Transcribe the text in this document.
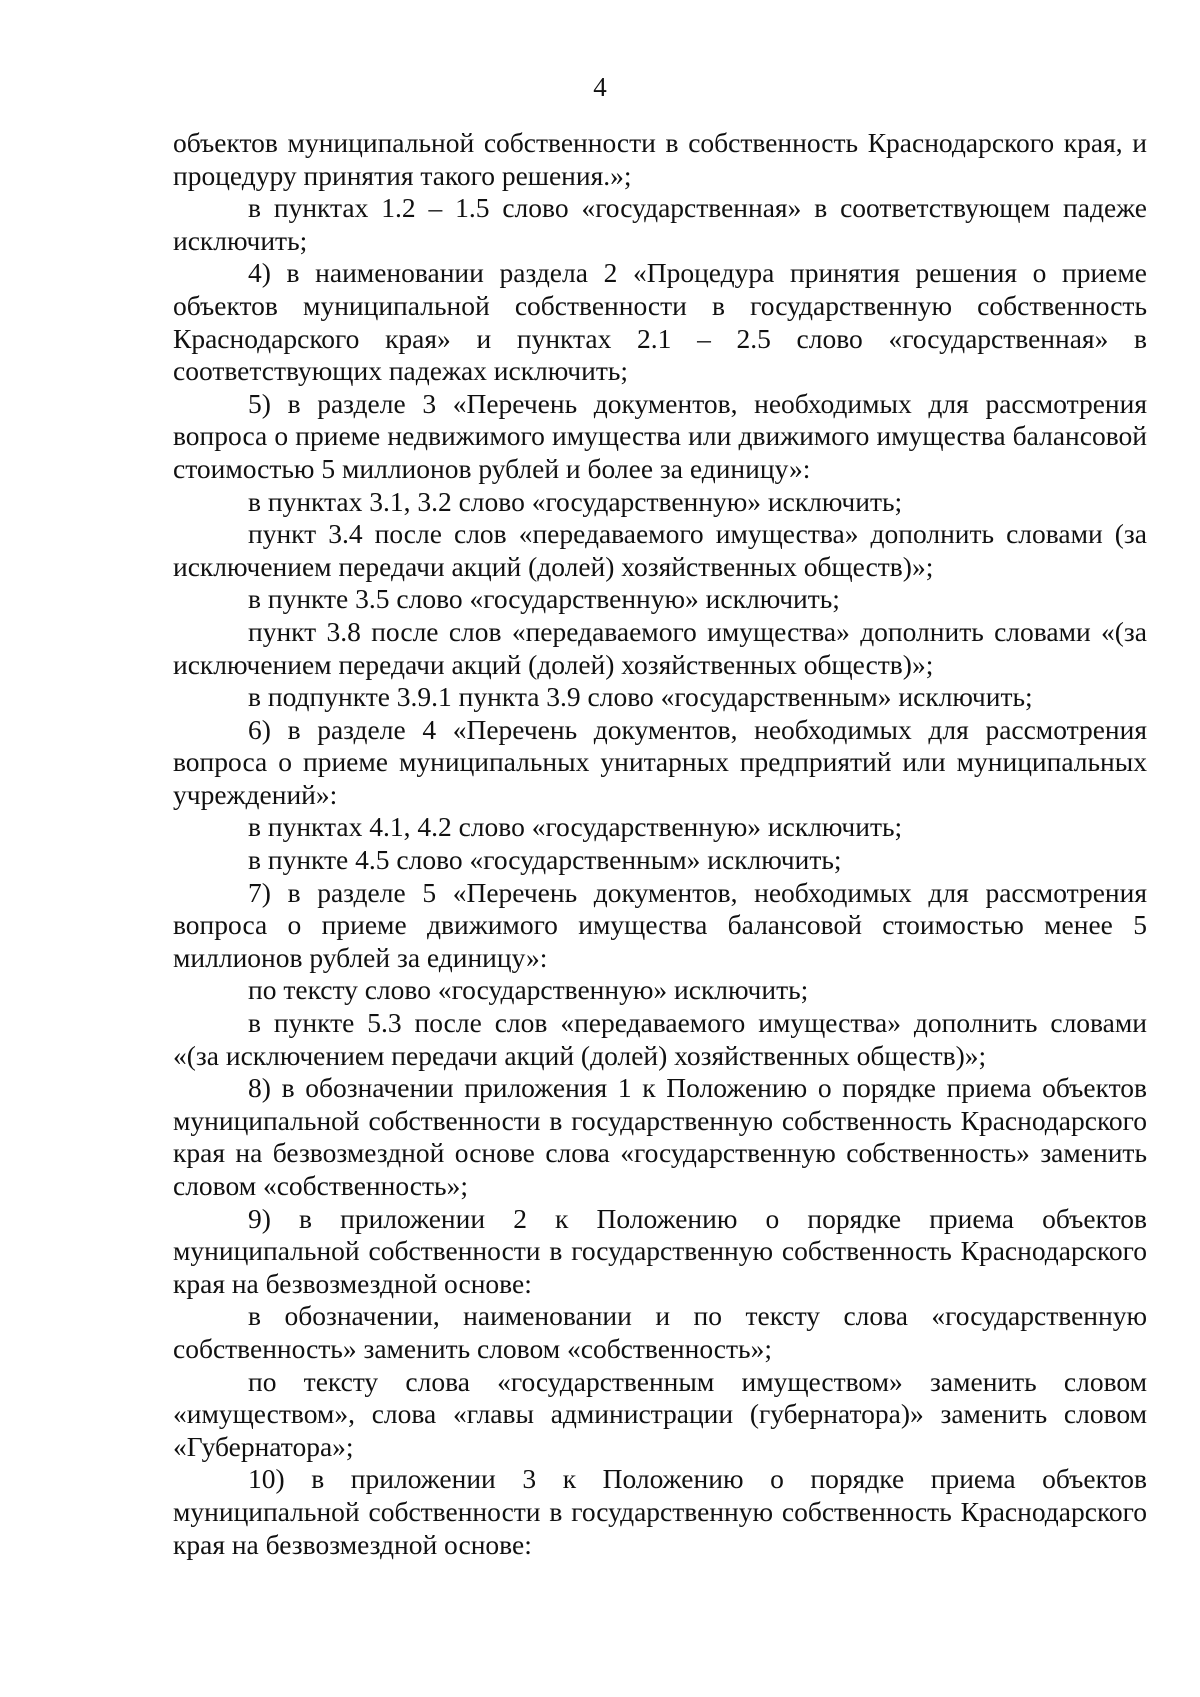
4

объектов муниципальной собственности в собственность Краснодарского края, и процедуру принятия такого решения.»;

в пунктах 1.2 – 1.5 слово «государственная» в соответствующем падеже исключить;

4) в наименовании раздела 2 «Процедура принятия решения о приеме объектов муниципальной собственности в государственную собственность Краснодарского края» и пунктах 2.1 – 2.5 слово «государственная» в соответствующих падежах исключить;

5) в разделе 3 «Перечень документов, необходимых для рассмотрения вопроса о приеме недвижимого имущества или движимого имущества балансовой стоимостью 5 миллионов рублей и более за единицу»:

в пунктах 3.1, 3.2 слово «государственную» исключить;

пункт 3.4 после слов «передаваемого имущества» дополнить словами (за исключением передачи акций (долей) хозяйственных обществ)»;

в пункте 3.5 слово «государственную» исключить;

пункт 3.8 после слов «передаваемого имущества» дополнить словами «(за исключением передачи акций (долей) хозяйственных обществ)»;

в подпункте 3.9.1 пункта 3.9 слово «государственным» исключить;

6) в разделе 4 «Перечень документов, необходимых для рассмотрения вопроса о приеме муниципальных унитарных предприятий или муниципальных учреждений»:

в пунктах 4.1, 4.2 слово «государственную» исключить;

в пункте 4.5 слово «государственным» исключить;

7) в разделе 5 «Перечень документов, необходимых для рассмотрения вопроса о приеме движимого имущества балансовой стоимостью менее 5 миллионов рублей за единицу»:

по тексту слово «государственную» исключить;

в пункте 5.3 после слов «передаваемого имущества» дополнить словами «(за исключением передачи акций (долей) хозяйственных обществ)»;

8) в обозначении приложения 1 к Положению о порядке приема объектов муниципальной собственности в государственную собственность Краснодарского края на безвозмездной основе слова «государственную собственность» заменить словом «собственность»;

9) в приложении 2 к Положению о порядке приема объектов муниципальной собственности в государственную собственность Краснодарского края на безвозмездной основе:

в обозначении, наименовании и по тексту слова «государственную собственность» заменить словом «собственность»;

по тексту слова «государственным имуществом» заменить словом «имуществом», слова «главы администрации (губернатора)» заменить словом «Губернатора»;

10) в приложении 3 к Положению о порядке приема объектов муниципальной собственности в государственную собственность Краснодарского края на безвозмездной основе:
